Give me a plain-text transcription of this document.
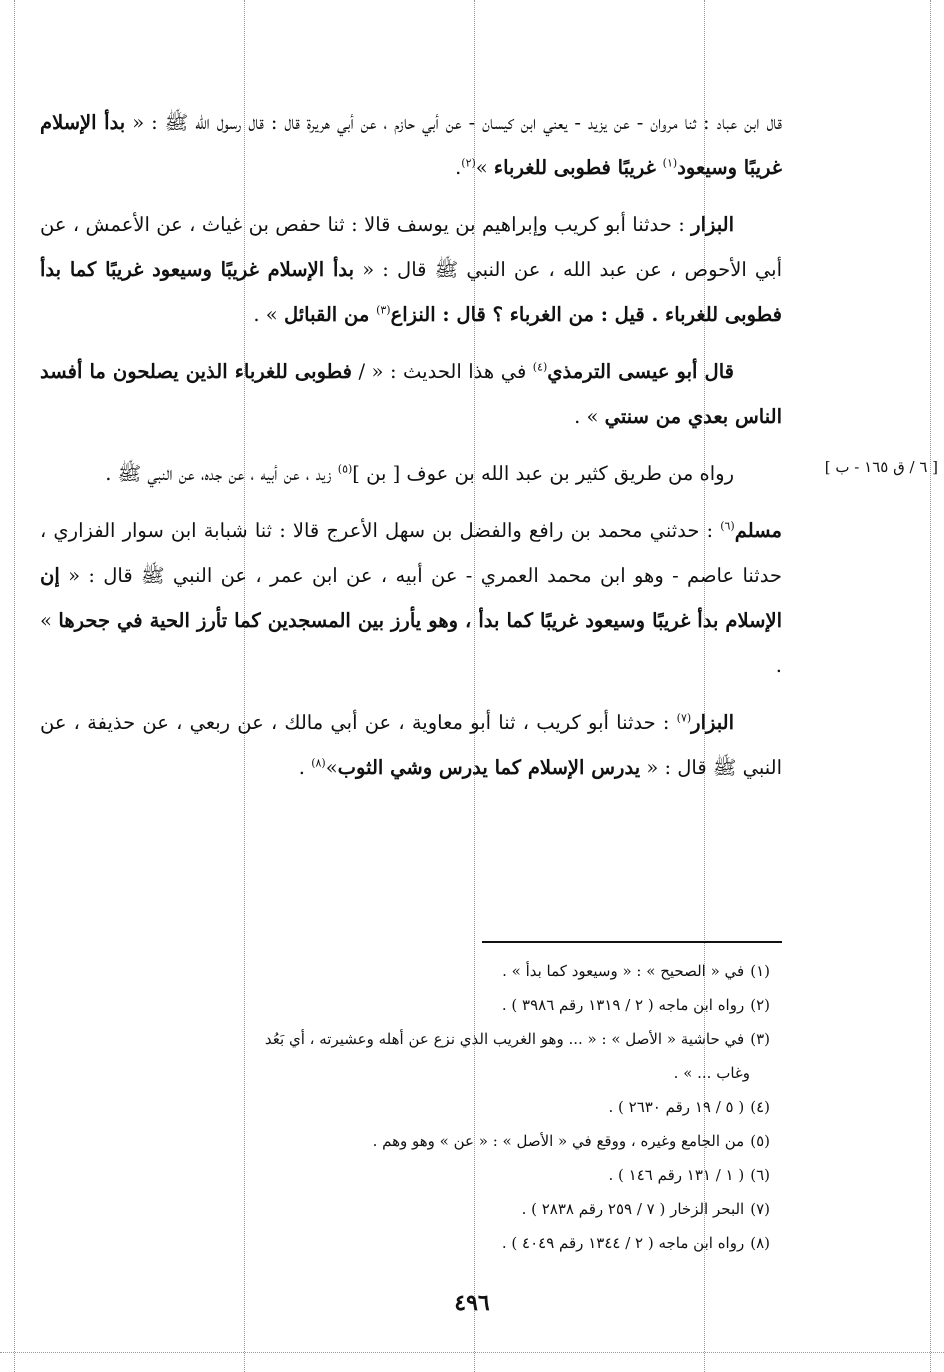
[ ٦ / ق ١٦٥ - ب ]

قال ابن عباد : ثنا مروان - عن يزيد - يعني ابن كيسان - عن أبي حازم ، عن أبي هريرة قال : قال رسول الله ﷺ : « بدأ الإسلام غريبًا وسيعود$^{(١)}$ غريبًا فطوبى للغرباء »$^{(٢)}$.

البزار : حدثنا أبو كريب وإبراهيم بن يوسف قالا : ثنا حفص بن غياث ، عن الأعمش ، عن أبي الأحوص ، عن عبد الله ، عن النبي ﷺ قال : « بدأ الإسلام غريبًا وسيعود غريبًا كما بدأ فطوبى للغرباء . قيل : من الغرباء ؟ قال : النزاع$^{(٣)}$ من القبائل » .

قال أبو عيسى الترمذي$^{(٤)}$ في هذا الحديث : « / فطوبى للغرباء الذين يصلحون ما أفسد الناس بعدي من سنتي » .

رواه من طريق كثير بن عبد الله بن عوف [ بن ]$^{(٥)}$ زيد ، عن أبيه ، عن جده، عن النبي ﷺ .

مسلم$^{(٦)}$ : حدثني محمد بن رافع والفضل بن سهل الأعرج قالا : ثنا شبابة ابن سوار الفزاري ، حدثنا عاصم - وهو ابن محمد العمري - عن أبيه ، عن ابن عمر ، عن النبي ﷺ قال : « إن الإسلام بدأ غريبًا وسيعود غريبًا كما بدأ ، وهو يأرز بين المسجدين كما تأرز الحية في جحرها » .

البزار$^{(٧)}$ : حدثنا أبو كريب ، ثنا أبو معاوية ، عن أبي مالك ، عن ربعي ، عن حذيفة ، عن النبي ﷺ قال : « يدرس الإسلام كما يدرس وشي الثوب»$^{(٨)}$ .

(١)في « الصحيح » : « وسيعود كما بدأ » .

(٢)رواه ابن ماجه ( ٢ / ١٣١٩ رقم ٣٩٨٦ ) .

(٣)في حاشية « الأصل » : « ... وهو الغريب الذي نزع عن أهله وعشيرته ، أي بَعُد
وغاب ... » .

(٤)( ٥ / ١٩ رقم ٢٦٣٠ ) .

(٥)من الجامع وغيره ، ووقع في « الأصل » : « عن » وهو وهم .

(٦)( ١ / ١٣١ رقم ١٤٦ ) .

(٧)البحر الزخار ( ٧ / ٢٥٩ رقم ٢٨٣٨ ) .

(٨)رواه ابن ماجه ( ٢ / ١٣٤٤ رقم ٤٠٤٩ ) .

٤٩٦
